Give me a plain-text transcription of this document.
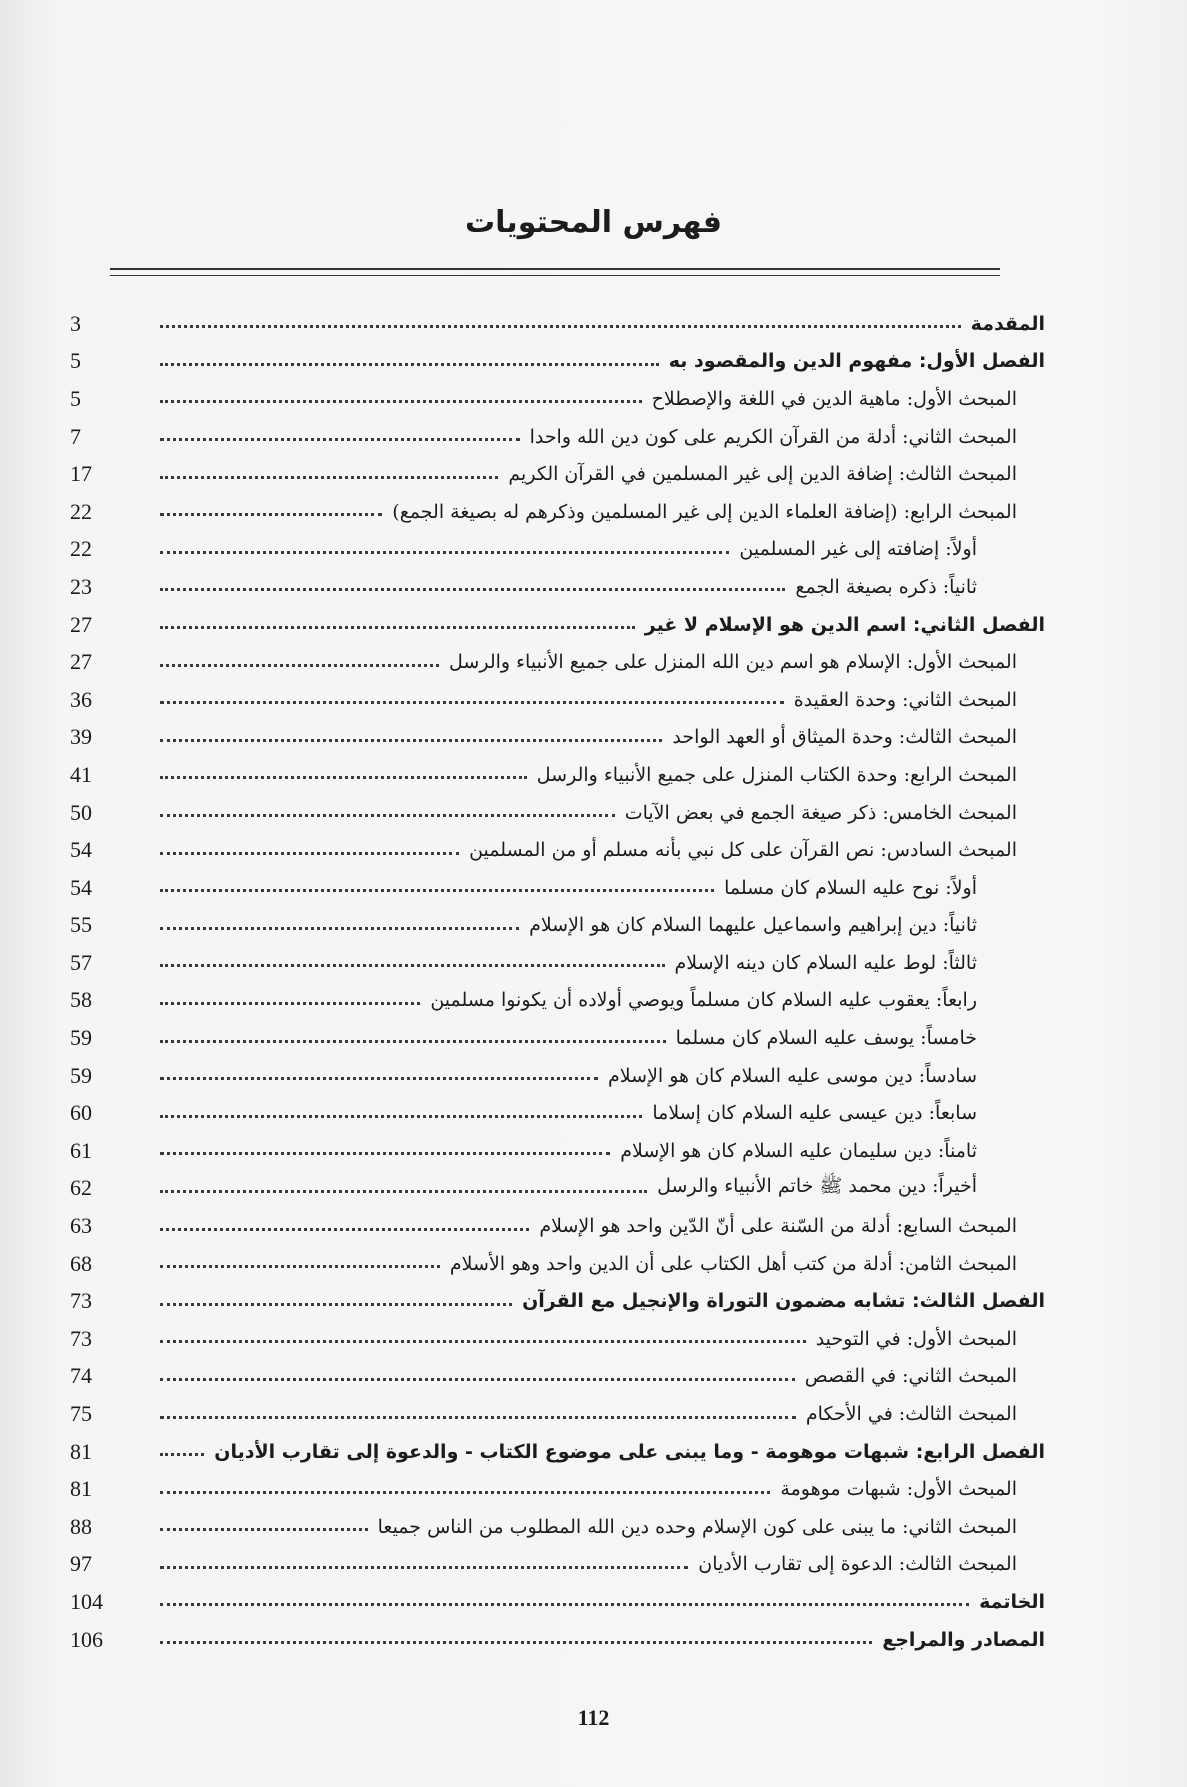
فهرس المحتويات
3	المقدمة
5	الفصل الأول: مفهوم الدين والمقصود به
5	المبحث الأول: ماهية الدين في اللغة والإصطلاح
7	المبحث الثاني: أدلة من القرآن الكريم على كون دين الله واحدا
17	المبحث الثالث: إضافة الدين إلى غير المسلمين في القرآن الكريم
22	المبحث الرابع: (إضافة العلماء الدين إلى غير المسلمين وذكرهم له بصيغة الجمع)
22	أولاً: إضافته إلى غير المسلمين
23	ثانياً: ذكره بصيغة الجمع
27	الفصل الثاني: اسم الدين هو الإسلام لا غير
27	المبحث الأول: الإسلام هو اسم دين الله المنزل على جميع الأنبياء والرسل
36	المبحث الثاني: وحدة العقيدة
39	المبحث الثالث: وحدة الميثاق أو العهد الواحد
41	المبحث الرابع: وحدة الكتاب المنزل على جميع الأنبياء والرسل
50	المبحث الخامس: ذكر صيغة الجمع في بعض الآيات
54	المبحث السادس: نص القرآن على كل نبي بأنه مسلم أو من المسلمين
54	أولاً: نوح عليه السلام كان مسلما
55	ثانياً: دين إبراهيم واسماعيل عليهما السلام كان هو الإسلام
57	ثالثاً: لوط عليه السلام كان دينه الإسلام
58	رابعاً: يعقوب عليه السلام كان مسلماً ويوصي أولاده أن يكونوا مسلمين
59	خامساً: يوسف عليه السلام كان مسلما
59	سادساً: دين موسى عليه السلام كان هو الإسلام
60	سابعاً: دين عيسى عليه السلام كان إسلاما
61	ثامناً: دين سليمان عليه السلام كان هو الإسلام
62	أخيراً: دين محمد ﷺ خاتم الأنبياء والرسل
63	المبحث السابع: أدلة من السّنة على أنّ الدّين واحد هو الإسلام
68	المبحث الثامن: أدلة من كتب أهل الكتاب على أن الدين واحد وهو الأسلام
73	الفصل الثالث: تشابه مضمون التوراة والإنجيل مع القرآن
73	المبحث الأول: في التوحيد
74	المبحث الثاني: في القصص
75	المبحث الثالث: في الأحكام
81	الفصل الرابع: شبهات موهومة - وما يبنى على موضوع الكتاب - والدعوة إلى تقارب الأديان
81	المبحث الأول: شبهات موهومة
88	المبحث الثاني: ما يبنى على كون الإسلام وحده دين الله المطلوب من الناس جميعا
97	المبحث الثالث: الدعوة إلى تقارب الأديان
104	الخاتمة
106	المصادر والمراجع
112
